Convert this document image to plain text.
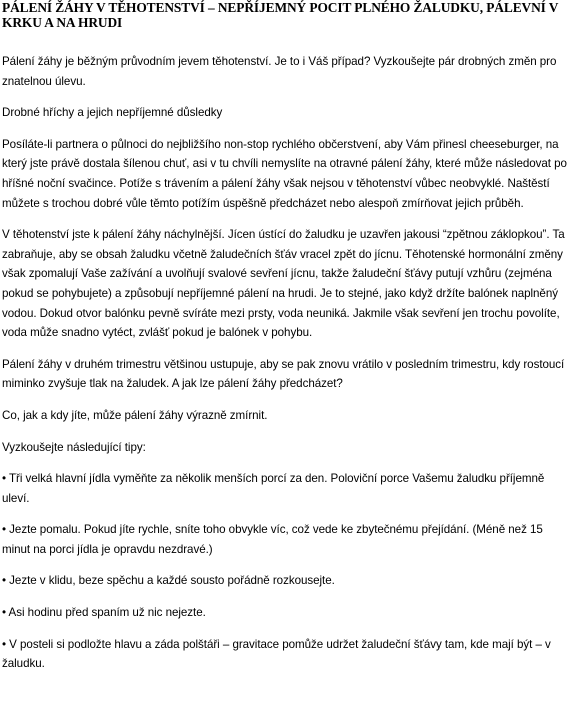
PÁLENÍ ŽÁHY V TĚHOTENSTVÍ – NEPŘÍJEMNÝ POCIT PLNÉHO ŽALUDKU, PÁLEVNÍ V KRKU A NA HRUDI

Pálení žáhy je běžným průvodním jevem těhotenství. Je to i Váš případ? Vyzkoušejte pár drobných změn pro znatelnou úlevu.

Drobné hříchy a jejich nepříjemné důsledky

Posíláte-li partnera o půlnoci do nejbližšího non-stop rychlého občerstvení, aby Vám přinesl cheeseburger, na který jste právě dostala šílenou chuť, asi v tu chvíli nemyslíte na otravné pálení žáhy, které může následovat po hříšné noční svačince. Potíže s trávením a pálení žáhy však nejsou v těhotenství vůbec neobvyklé. Naštěstí můžete s trochou dobré vůle těmto potížím úspěšně předcházet nebo alespoň zmírňovat jejich průběh.

V těhotenství jste k pálení žáhy náchylnější. Jícen ústící do žaludku je uzavřen jakousi “zpětnou záklopkou”. Ta zabraňuje, aby se obsah žaludku včetně žaludečních šťáv vracel zpět do jícnu. Těhotenské hormonální změny však zpomalují Vaše zažívání a uvolňují svalové sevření jícnu, takže žaludeční šťávy putují vzhůru (zejména pokud se pohybujete) a způsobují nepříjemné pálení na hrudi. Je to stejné, jako když držíte balónek naplněný vodou. Dokud otvor balónku pevně svíráte mezi prsty, voda neuniká. Jakmile však sevření jen trochu povolíte, voda může snadno vytéct, zvlášť pokud je balónek v pohybu.

Pálení žáhy v druhém trimestru většinou ustupuje, aby se pak znovu vrátilo v posledním trimestru, kdy rostoucí miminko zvyšuje tlak na žaludek. A jak lze pálení žáhy předcházet?

Co, jak a kdy jíte, může pálení žáhy výrazně zmírnit.

Vyzkoušejte následující tipy:

• Tři velká hlavní jídla vyměňte za několik menších porcí za den. Poloviční porce Vašemu žaludku příjemně uleví.

• Jezte pomalu. Pokud jíte rychle, sníte toho obvykle víc, což vede ke zbytečnému přejídání. (Méně než 15 minut na porci jídla je opravdu nezdravé.)

• Jezte v klidu, beze spěchu a každé sousto pořádně rozkousejte.

• Asi hodinu před spaním už nic nejezte.

• V posteli si podložte hlavu a záda polštáři – gravitace pomůže udržet žaludeční šťávy tam, kde mají být – v žaludku.
